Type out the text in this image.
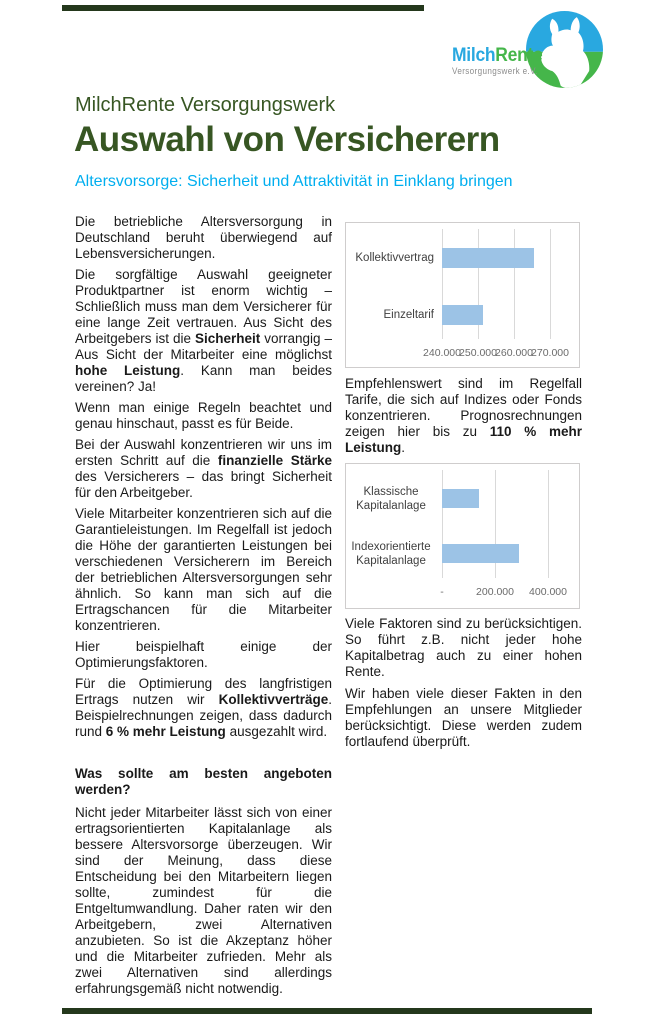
MilchRente
Versorgungswerk e.V.
MilchRente Versorgungswerk
Auswahl von Versicherern
Altersvorsorge: Sicherheit und Attraktivität in Einklang bringen

Die betriebliche Altersversorgung in Deutschland beruht überwiegend auf Lebensversicherungen.

Die sorgfältige Auswahl geeigneter Produktpartner ist enorm wichtig – Schließlich muss man dem Versicherer für eine lange Zeit vertrauen. Aus Sicht des Arbeitgebers ist die Sicherheit vorrangig – Aus Sicht der Mitarbeiter eine möglichst hohe Leistung. Kann man beides vereinen? Ja!

Wenn man einige Regeln beachtet und genau hinschaut, passt es für Beide.

Bei der Auswahl konzentrieren wir uns im ersten Schritt auf die finanzielle Stärke des Versicherers – das bringt Sicherheit für den Arbeitgeber.

Viele Mitarbeiter konzentrieren sich auf die Garantieleistungen. Im Regelfall ist jedoch die Höhe der garantierten Leistungen bei verschiedenen Versicherern im Bereich der betrieblichen Altersversorgungen sehr ähnlich. So kann man sich auf die Ertragschancen für die Mitarbeiter konzentrieren.

Hier beispielhaft einige der Optimierungsfaktoren.

Für die Optimierung des langfristigen Ertrags nutzen wir Kollektivverträge. Beispielrechnungen zeigen, dass dadurch rund 6 % mehr Leistung ausgezahlt wird.

Was sollte am besten angeboten werden?

Nicht jeder Mitarbeiter lässt sich von einer ertragsorientierten Kapitalanlage als bessere Altersvorsorge überzeugen. Wir sind der Meinung, dass diese Entscheidung bei den Mitarbeitern liegen sollte, zumindest für die Entgeltumwandlung. Daher raten wir den Arbeitgebern, zwei Alternativen anzubieten. So ist die Akzeptanz höher und die Mitarbeiter zufrieden. Mehr als zwei Alternativen sind allerdings erfahrungsgemäß nicht notwendig.

240.000
250.000
260.000
270.000
Kollektivvertrag
Einzeltarif

Empfehlenswert sind im Regelfall Tarife, die sich auf Indizes oder Fonds konzentrieren. Prognosrechnungen zeigen hier bis zu 110 % mehr Leistung.

-	200.000 400.000
Klassische
Kapitalanlage
Indexorientierte
Kapitalanlage

Viele Faktoren sind zu berücksichtigen. So führt z.B. nicht jeder hohe Kapitalbetrag auch zu einer hohen Rente.

Wir haben viele dieser Fakten in den Empfehlungen an unsere Mitglieder berücksichtigt. Diese werden zudem fortlaufend überprüft.
